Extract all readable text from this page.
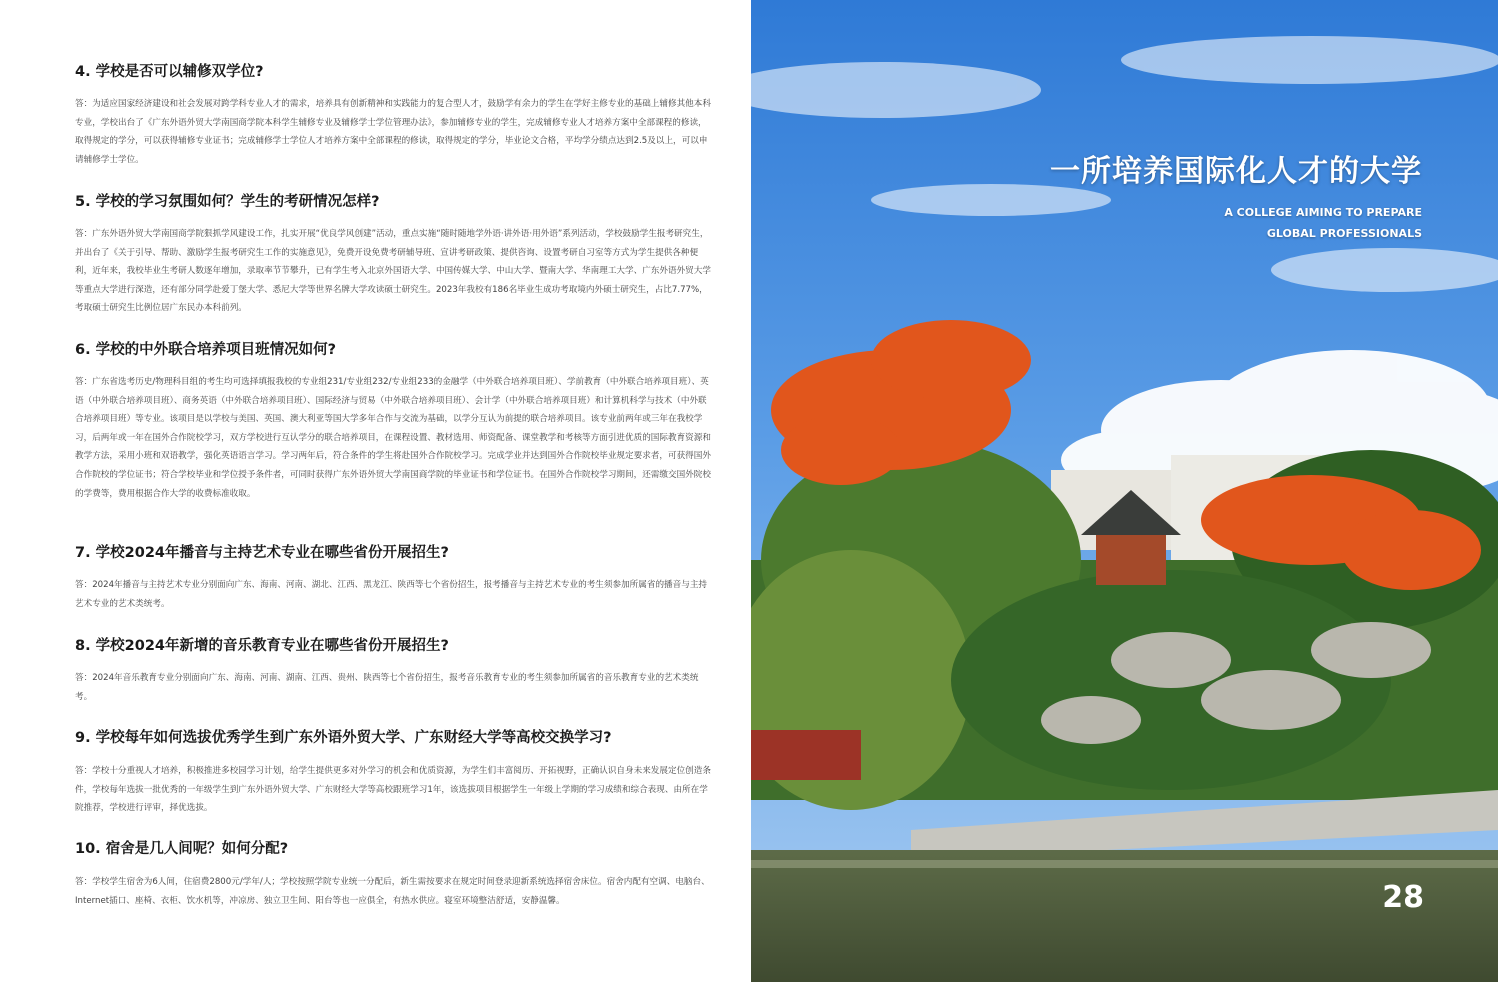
4. 学校是否可以辅修双学位?

答：为适应国家经济建设和社会发展对跨学科专业人才的需求，培养具有创新精神和实践能力的复合型人才，鼓励学有余力的学生在学好主修专业的基础上辅修其他本科专业，学校出台了《广东外语外贸大学南国商学院本科学生辅修专业及辅修学士学位管理办法》，参加辅修专业的学生，完成辅修专业人才培养方案中全部课程的修读，取得规定的学分，可以获得辅修专业证书；完成辅修学士学位人才培养方案中全部课程的修读，取得规定的学分，毕业论文合格，平均学分绩点达到2.5及以上，可以申请辅修学士学位。

5. 学校的学习氛围如何？学生的考研情况怎样?

答：广东外语外贸大学南国商学院狠抓学风建设工作，扎实开展“优良学风创建”活动，重点实施“随时随地学外语·讲外语·用外语”系列活动，学校鼓励学生报考研究生，并出台了《关于引导、帮助、激励学生报考研究生工作的实施意见》，免费开设免费考研辅导班、宣讲考研政策、提供咨询、设置考研自习室等方式为学生提供各种便利，近年来，我校毕业生考研人数逐年增加，录取率节节攀升，已有学生考入北京外国语大学、中国传媒大学、中山大学、暨南大学、华南理工大学、广东外语外贸大学等重点大学进行深造，还有部分同学赴爱丁堡大学、悉尼大学等世界名牌大学攻读硕士研究生。2023年我校有186名毕业生成功考取境内外硕士研究生，占比7.77%，考取硕士研究生比例位居广东民办本科前列。

6. 学校的中外联合培养项目班情况如何?

答：广东省选考历史/物理科目组的考生均可选择填报我校的专业组231/专业组232/专业组233的金融学（中外联合培养项目班）、学前教育（中外联合培养项目班）、英语（中外联合培养项目班）、商务英语（中外联合培养项目班）、国际经济与贸易（中外联合培养项目班）、会计学（中外联合培养项目班）和计算机科学与技术（中外联合培养项目班）等专业。该项目是以学校与美国、英国、澳大利亚等国大学多年合作与交流为基础，以学分互认为前提的联合培养项目。该专业前两年或三年在我校学习，后两年或一年在国外合作院校学习，双方学校进行互认学分的联合培养项目，在课程设置、教材选用、师资配备、课堂教学和考核等方面引进优质的国际教育资源和教学方法，采用小班和双语教学，强化英语语言学习。学习两年后，符合条件的学生将赴国外合作院校学习。完成学业并达到国外合作院校毕业规定要求者，可获得国外合作院校的学位证书；符合学校毕业和学位授予条件者，可同时获得广东外语外贸大学南国商学院的毕业证书和学位证书。在国外合作院校学习期间，还需缴交国外院校的学费等，费用根据合作大学的收费标准收取。

7. 学校2024年播音与主持艺术专业在哪些省份开展招生?

答：2024年播音与主持艺术专业分别面向广东、海南、河南、湖北、江西、黑龙江、陕西等七个省份招生，报考播音与主持艺术专业的考生须参加所属省的播音与主持艺术专业的艺术类统考。

8. 学校2024年新增的音乐教育专业在哪些省份开展招生?

答：2024年音乐教育专业分别面向广东、海南、河南、湖南、江西、贵州、陕西等七个省份招生，报考音乐教育专业的考生须参加所属省的音乐教育专业的艺术类统考。

9. 学校每年如何选拔优秀学生到广东外语外贸大学、广东财经大学等高校交换学习?

答：学校十分重视人才培养，积极推进多校园学习计划，给学生提供更多对外学习的机会和优质资源，为学生们丰富阅历、开拓视野，正确认识自身未来发展定位创造条件，学校每年选拔一批优秀的一年级学生到广东外语外贸大学、广东财经大学等高校跟班学习1年，该选拔项目根据学生一年级上学期的学习成绩和综合表现、由所在学院推荐，学校进行评审，择优选拔。

10. 宿舍是几人间呢？如何分配?

答：学校学生宿舍为6人间，住宿费2800元/学年/人；学校按照学院专业统一分配后，新生需按要求在规定时间登录迎新系统选择宿舍床位。宿舍内配有空调、电脑台、Internet插口、座椅、衣柜、饮水机等，冲凉房、独立卫生间、阳台等也一应俱全，有热水供应。寝室环境整洁舒适，安静温馨。

一所培养国际化人才的大学

A COLLEGE AIMING TO PREPARE

GLOBAL PROFESSIONALS

28
